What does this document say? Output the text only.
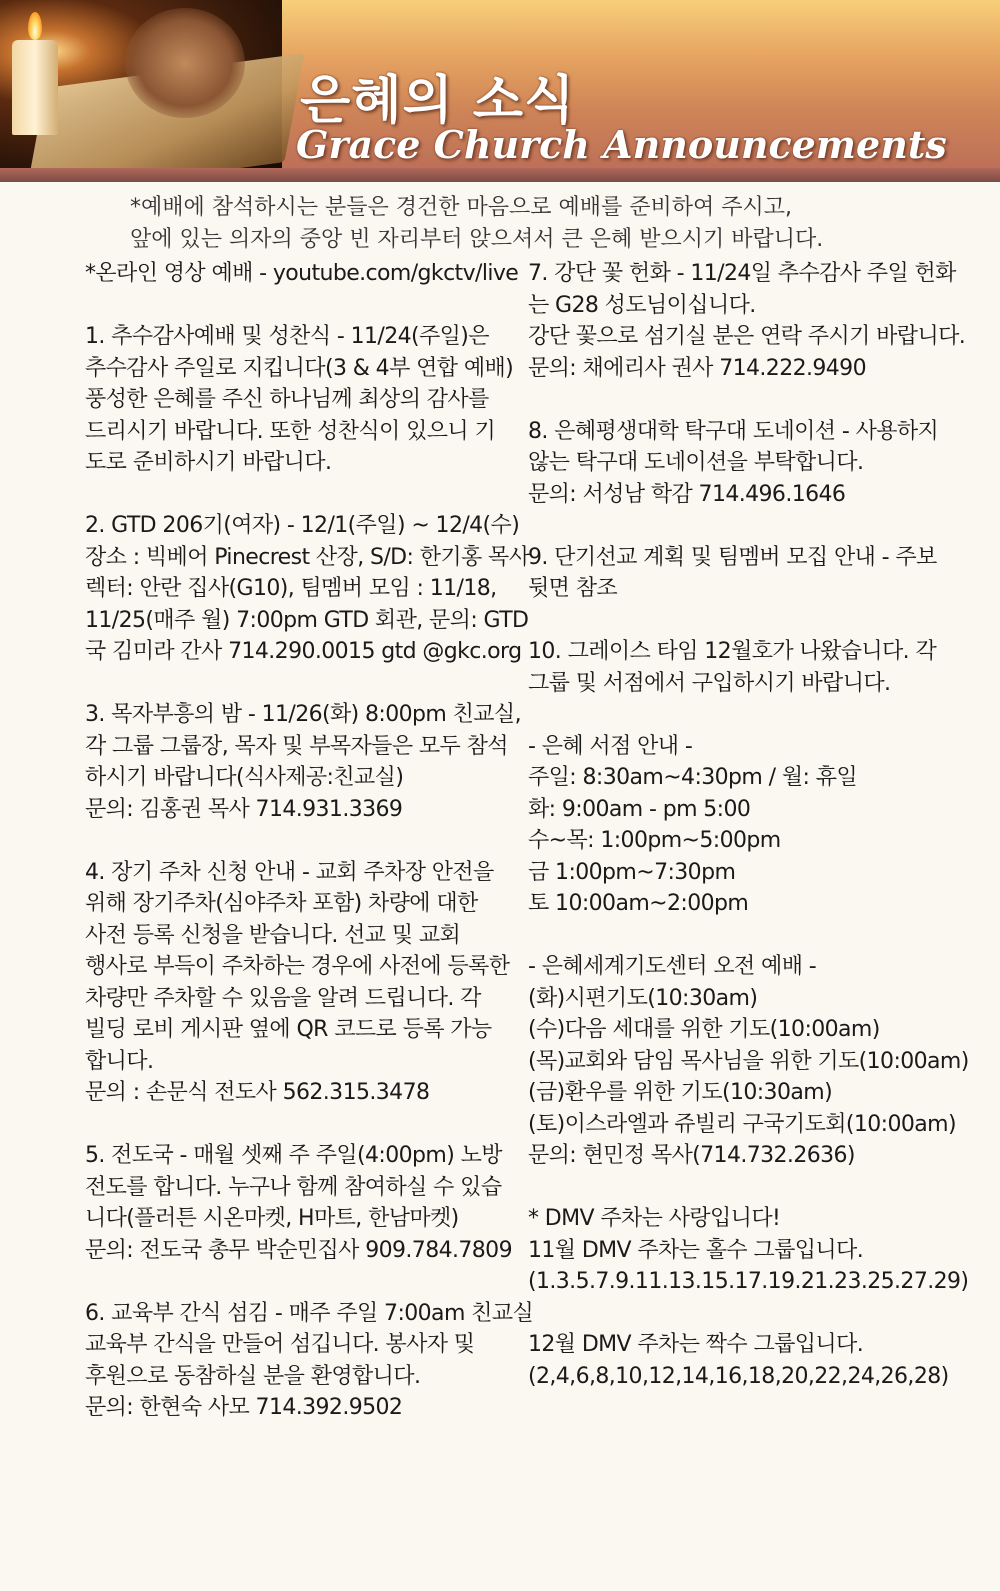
은혜의 소식
Grace Church Announcements
*예배에 참석하시는 분들은 경건한 마음으로 예배를 준비하여 주시고,
앞에 있는 의자의 중앙 빈 자리부터 앉으셔서 큰 은혜 받으시기 바랍니다.
*온라인 영상 예배 - youtube.com/gkctv/live
1. 추수감사예배 및 성찬식 - 11/24(주일)은
추수감사 주일로 지킵니다(3 & 4부 연합 예배)
풍성한 은혜를 주신 하나님께 최상의 감사를
드리시기 바랍니다. 또한 성찬식이 있으니 기
도로 준비하시기 바랍니다.
2. GTD 206기(여자) - 12/1(주일) ~ 12/4(수)
장소 : 빅베어 Pinecrest 산장, S/D: 한기홍 목사
렉터: 안란 집사(G10), 팀멤버 모임 : 11/18,
11/25(매주 월) 7:00pm GTD 회관, 문의: GTD
국 김미라 간사 714.290.0015 gtd @gkc.org
3. 목자부흥의 밤 - 11/26(화) 8:00pm 친교실,
각 그룹 그룹장, 목자 및 부목자들은 모두 참석
하시기 바랍니다(식사제공:친교실)
문의: 김홍권 목사 714.931.3369
4. 장기 주차 신청 안내 - 교회 주차장 안전을
위해 장기주차(심야주차 포함) 차량에 대한
사전 등록 신청을 받습니다. 선교 및 교회
행사로 부득이 주차하는 경우에 사전에 등록한
차량만 주차할 수 있음을 알려 드립니다. 각
빌딩 로비 게시판 옆에 QR 코드로 등록 가능
합니다.
문의 : 손문식 전도사 562.315.3478
5. 전도국 - 매월 셋째 주 주일(4:00pm) 노방
전도를 합니다. 누구나 함께 참여하실 수 있습
니다(플러튼 시온마켓, H마트, 한남마켓)
문의: 전도국 총무 박순민집사 909.784.7809
6. 교육부 간식 섬김 - 매주 주일 7:00am 친교실
교육부 간식을 만들어 섬깁니다. 봉사자 및
후원으로 동참하실 분을 환영합니다.
문의: 한현숙 사모 714.392.9502
7. 강단 꽃 헌화 - 11/24일 추수감사 주일 헌화
는 G28 성도님이십니다.
강단 꽃으로 섬기실 분은 연락 주시기 바랍니다.
문의: 채에리사 권사 714.222.9490
8. 은혜평생대학 탁구대 도네이션 - 사용하지
않는 탁구대 도네이션을 부탁합니다.
문의: 서성남 학감 714.496.1646
9. 단기선교 계획 및 팀멤버 모집 안내 - 주보
뒷면 참조
10. 그레이스 타임 12월호가 나왔습니다. 각
그룹 및 서점에서 구입하시기 바랍니다.
- 은혜 서점 안내 -
주일: 8:30am~4:30pm / 월: 휴일
화: 9:00am - pm 5:00
수~목: 1:00pm~5:00pm
금 1:00pm~7:30pm
토 10:00am~2:00pm
- 은혜세계기도센터 오전 예배 -
(화)시편기도(10:30am)
(수)다음 세대를 위한 기도(10:00am)
(목)교회와 담임 목사님을 위한 기도(10:00am)
(금)환우를 위한 기도(10:30am)
(토)이스라엘과 쥬빌리 구국기도회(10:00am)
문의: 현민정 목사(714.732.2636)
* DMV 주차는 사랑입니다!
11월 DMV 주차는 홀수 그룹입니다.
(1.3.5.7.9.11.13.15.17.19.21.23.25.27.29)
12월 DMV 주차는 짝수 그룹입니다.
(2,4,6,8,10,12,14,16,18,20,22,24,26,28)
